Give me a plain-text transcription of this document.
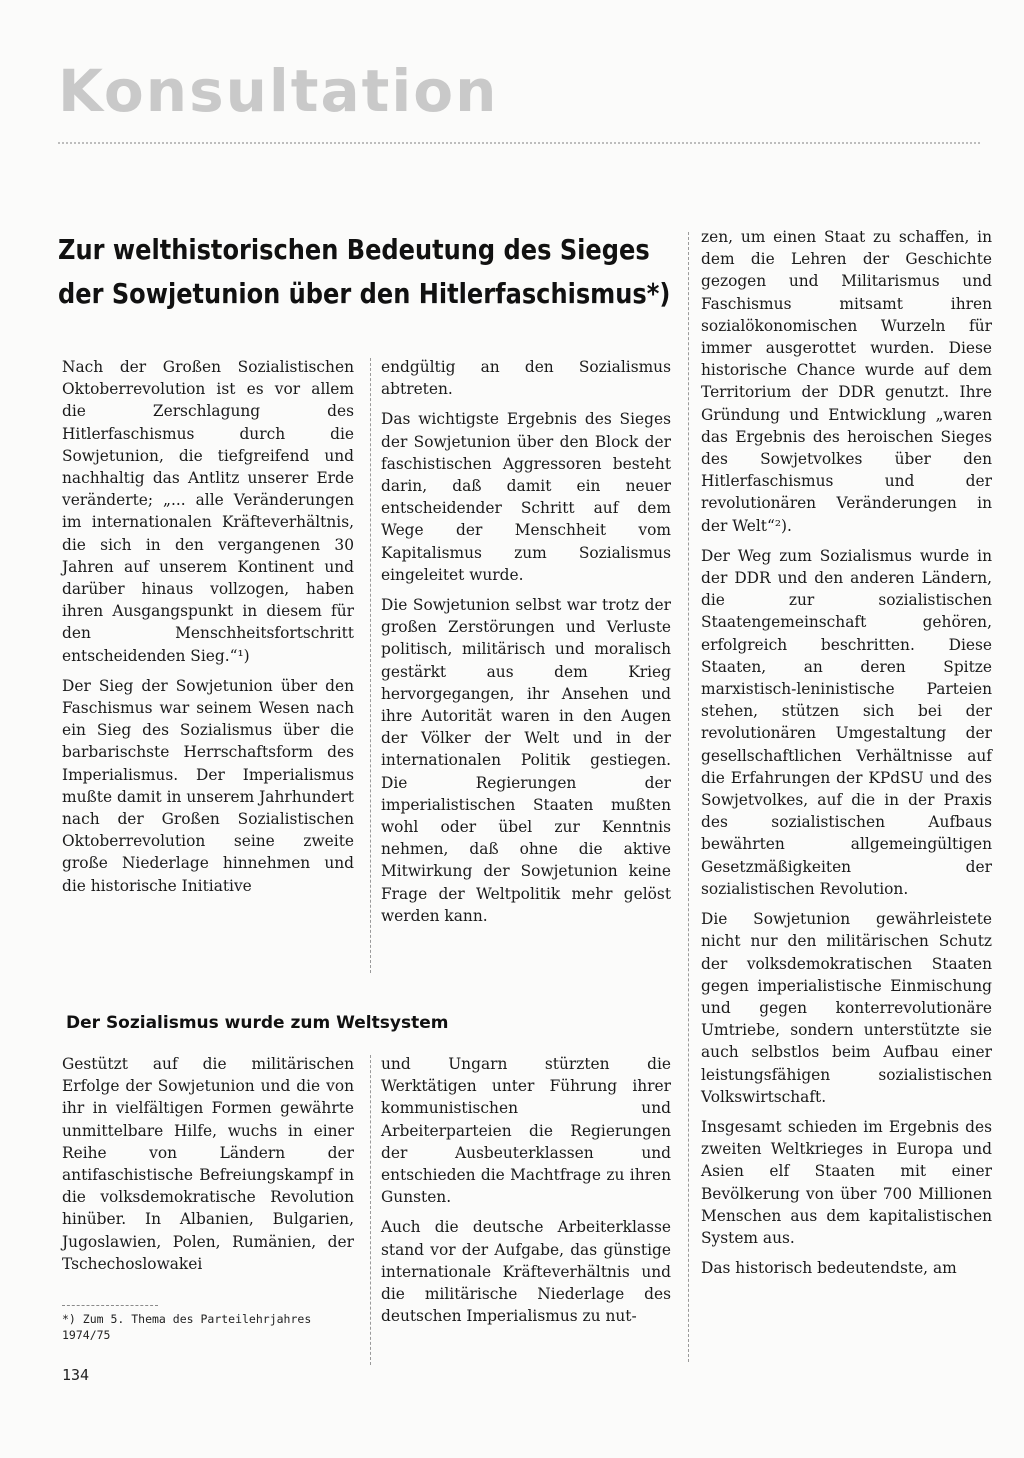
Konsultation
Zur welthistorischen Bedeutung des Sieges
der Sowjetunion über den Hitlerfaschismus*)

Nach der Großen Sozialistischen Oktoberrevolution ist es vor allem die Zerschlagung des Hitlerfaschismus durch die Sowjetunion, die tiefgreifend und nachhaltig das Antlitz unserer Erde veränderte; „... alle Veränderungen im internationalen Kräfteverhältnis, die sich in den vergangenen 30 Jahren auf unserem Kontinent und darüber hinaus vollzogen, haben ihren Ausgangspunkt in diesem für den Menschheitsfortschritt entscheidenden Sieg.“¹)

Der Sieg der Sowjetunion über den Faschismus war seinem Wesen nach ein Sieg des Sozialismus über die barbarischste Herrschaftsform des Imperialismus. Der Imperialismus mußte damit in unserem Jahrhundert nach der Großen Sozialistischen Oktoberrevolution seine zweite große Niederlage hinnehmen und die historische Initiative

endgültig an den Sozialismus abtreten.

Das wichtigste Ergebnis des Sieges der Sowjetunion über den Block der faschistischen Aggressoren besteht darin, daß damit ein neuer entscheidender Schritt auf dem Wege der Menschheit vom Kapitalismus zum Sozialismus eingeleitet wurde.

Die Sowjetunion selbst war trotz der großen Zerstörungen und Verluste politisch, militärisch und moralisch gestärkt aus dem Krieg hervorgegangen, ihr Ansehen und ihre Autorität waren in den Augen der Völker der Welt und in der internationalen Politik gestiegen. Die Regierungen der imperialistischen Staaten mußten wohl oder übel zur Kenntnis nehmen, daß ohne die aktive Mitwirkung der Sowjetunion keine Frage der Weltpolitik mehr gelöst werden kann.

Der Sozialismus wurde zum Weltsystem

Gestützt auf die militärischen Erfolge der Sowjetunion und die von ihr in vielfältigen Formen gewährte unmittelbare Hilfe, wuchs in einer Reihe von Ländern der antifaschistische Befreiungskampf in die volksdemokratische Revolution hinüber. In Albanien, Bulgarien, Jugoslawien, Polen, Rumänien, der Tschechoslowakei

und Ungarn stürzten die Werktätigen unter Führung ihrer kommunistischen und Arbeiterparteien die Regierungen der Ausbeuterklassen und entschieden die Machtfrage zu ihren Gunsten.

Auch die deutsche Arbeiterklasse stand vor der Aufgabe, das günstige internationale Kräfteverhältnis und die militärische Niederlage des deutschen Imperialismus zu nut-

zen, um einen Staat zu schaffen, in dem die Lehren der Geschichte gezogen und Militarismus und Faschismus mitsamt ihren sozialökonomischen Wurzeln für immer ausgerottet wurden. Diese historische Chance wurde auf dem Territorium der DDR genutzt. Ihre Gründung und Entwicklung „waren das Ergebnis des heroischen Sieges des Sowjetvolkes über den Hitlerfaschismus und der revolutionären Veränderungen in der Welt“²).

Der Weg zum Sozialismus wurde in der DDR und den anderen Ländern, die zur sozialistischen Staatengemeinschaft gehören, erfolgreich beschritten. Diese Staaten, an deren Spitze marxistisch-leninistische Parteien stehen, stützen sich bei der revolutionären Umgestaltung der gesellschaftlichen Verhältnisse auf die Erfahrungen der KPdSU und des Sowjetvolkes, auf die in der Praxis des sozialistischen Aufbaus bewährten allgemeingültigen Gesetzmäßigkeiten der sozialistischen Revolution.

Die Sowjetunion gewährleistete nicht nur den militärischen Schutz der volksdemokratischen Staaten gegen imperialistische Einmischung und gegen konterrevolutionäre Umtriebe, sondern unterstützte sie auch selbstlos beim Aufbau einer leistungsfähigen sozialistischen Volkswirtschaft.

Insgesamt schieden im Ergebnis des zweiten Weltkrieges in Europa und Asien elf Staaten mit einer Bevölkerung von über 700 Millionen Menschen aus dem kapitalistischen System aus.

Das historisch bedeutendste, am

*) Zum 5. Thema des Parteilehrjahres 1974/75
134
